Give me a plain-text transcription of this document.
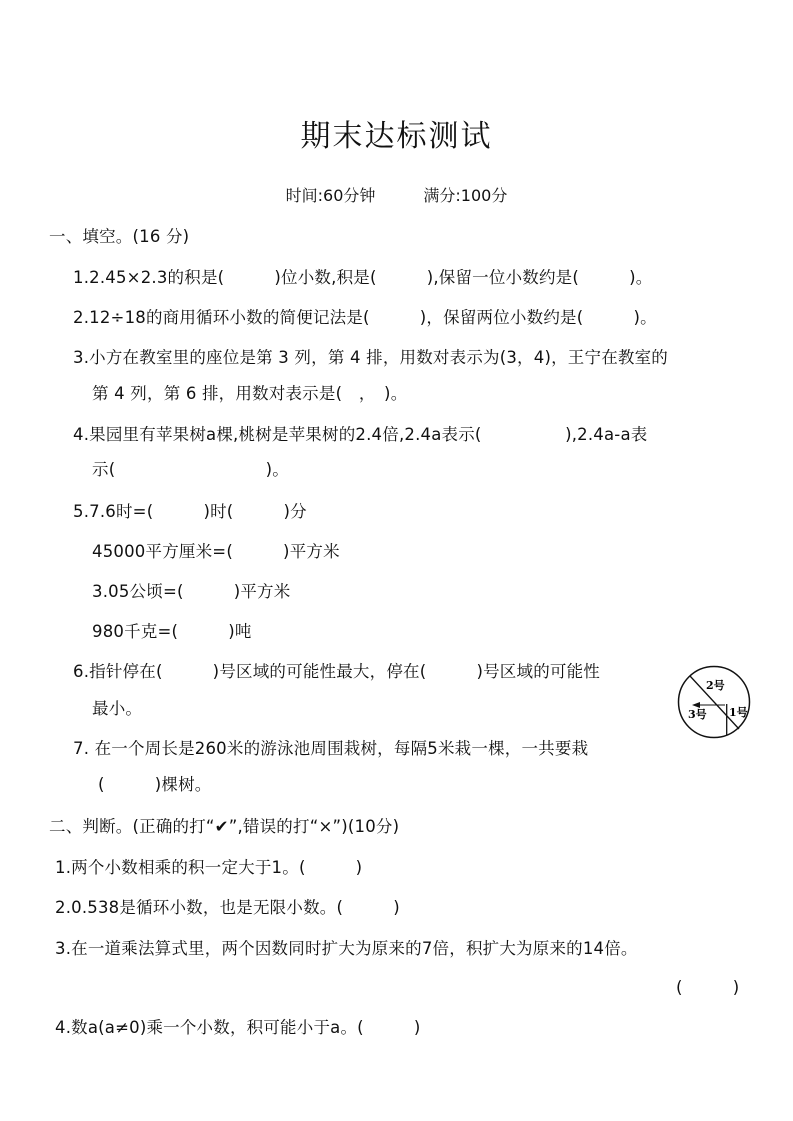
期末达标测试
时间:60分钟	满分:100分
一、填空。(16 分)
1.2.45×2.3的积是(　　　)位小数,积是(　　　),保留一位小数约是(　　　)。
2.12÷18的商用循环小数的简便记法是(　　　)，保留两位小数约是(　　　)。
3.小方在教室里的座位是第 3 列，第 4 排，用数对表示为(3，4)，王宁在教室的
第 4 列，第 6 排，用数对表示是(　，　)。
4.果园里有苹果树a棵,桃树是苹果树的2.4倍,2.4a表示(　　　　　),2.4a-a表
示(　　　　　　　　　)。
5.7.6时=(　　　)时(　　　)分
45000平方厘米=(　　　)平方米
3.05公顷=(　　　)平方米
980千克=(　　　)吨
6.指针停在(　　　)号区域的可能性最大，停在(　　　)号区域的可能性
最小。
2号
3号 1号
7. 在一个周长是260米的游泳池周围栽树，每隔5米栽一棵，一共要栽
(　　　)棵树。
二、判断。(正确的打“✔”,错误的打“×”)(10分)
1.两个小数相乘的积一定大于1。(　　　)
2.0.538是循环小数，也是无限小数。(　　　)
3.在一道乘法算式里，两个因数同时扩大为原来的7倍，积扩大为原来的14倍。
(　　　)
4.数a(a≠0)乘一个小数，积可能小于a。(　　　)
